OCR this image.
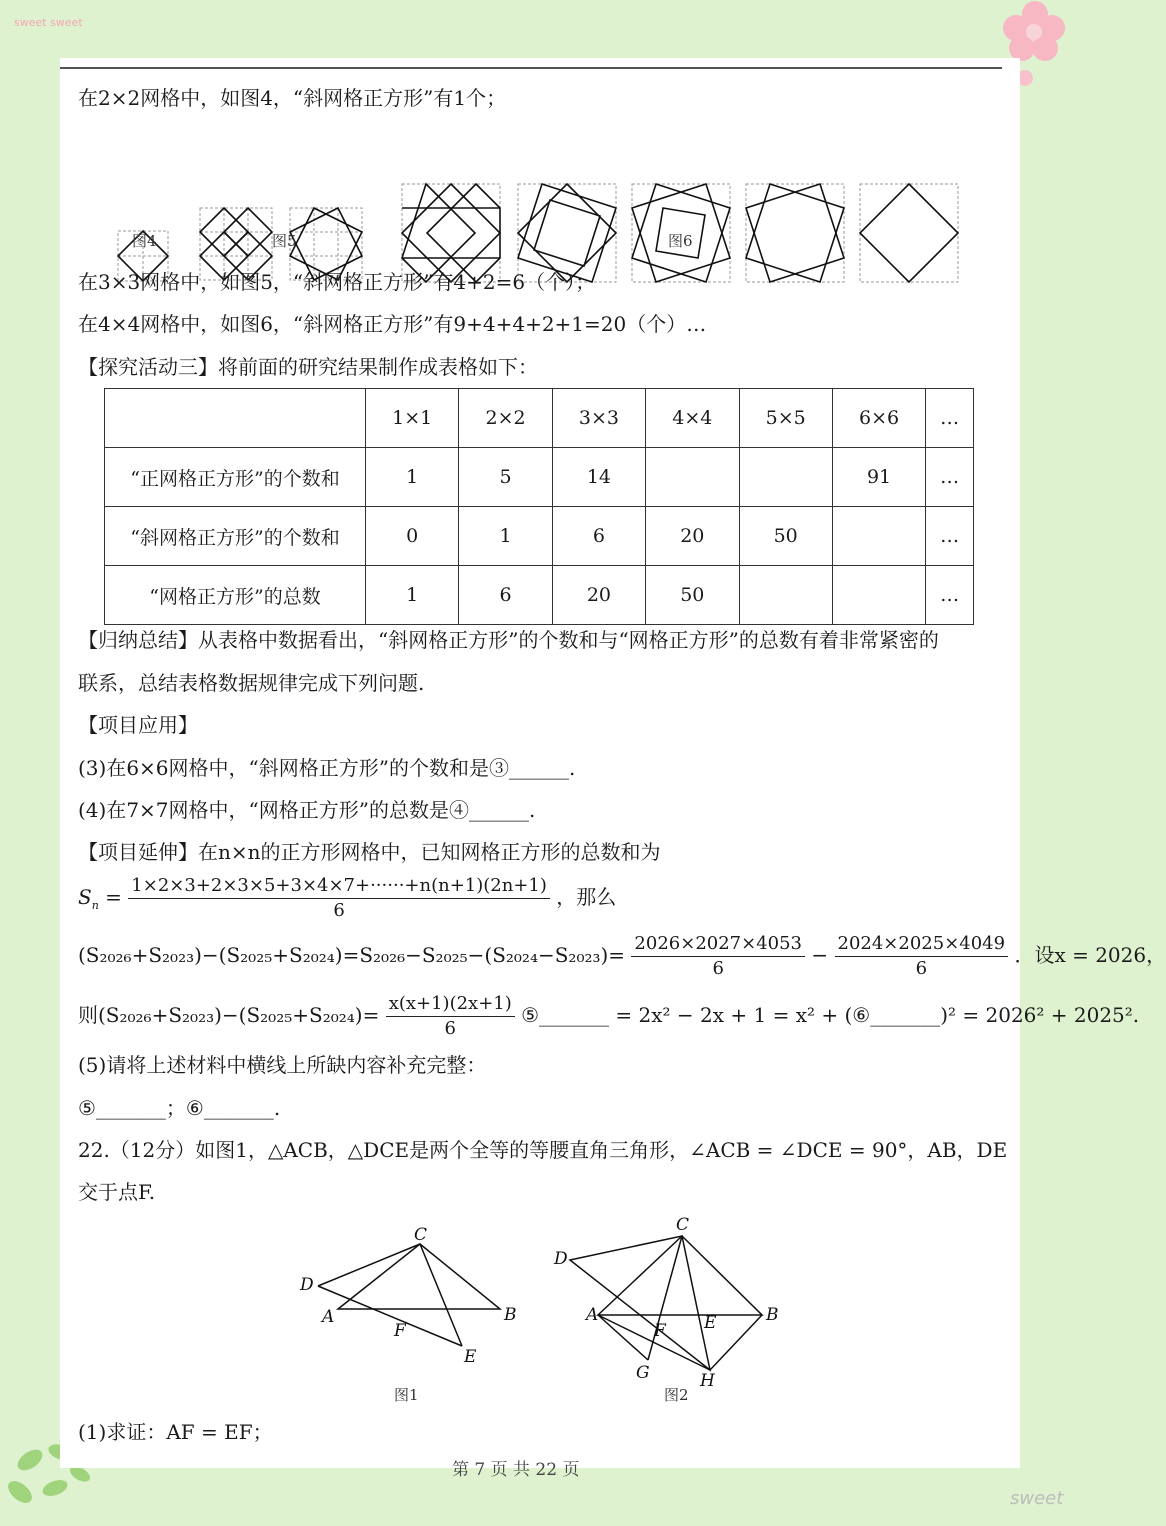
sweet sweet
sweet
在2×2网格中，如图4，“斜网格正方形”有1个；
图4	图5	图6
在3×3网格中，如图5，“斜网格正方形”有4+2=6（个）；
在4×4网格中，如图6，“斜网格正方形”有9+4+4+2+1=20（个）…
【探究活动三】将前面的研究结果制作成表格如下：
	1×1	2×2	3×3	4×4	5×5	6×6	…
“正网格正方形”的个数和	1	5	14			91	…
“斜网格正方形”的个数和	0	1	6	20	50		…
“网格正方形”的总数	1	6	20	50			…
【归纳总结】从表格中数据看出，“斜网格正方形”的个数和与“网格正方形”的总数有着非常紧密的
联系，总结表格数据规律完成下列问题.
【项目应用】
(3)在6×6网格中，“斜网格正方形”的个数和是③______.
(4)在7×7网格中，“网格正方形”的总数是④______.
【项目延伸】在n×n的正方形网格中，已知网格正方形的总数和为
$S_n = \frac{1\times 2\times 3+2\times 3\times 5+3\times 4\times 7+\cdot\cdot\cdot\cdot\cdot\cdot+n(n+1)(2n+1)}{6}$ ，那么
$(S_{2026}+S_{2023})-(S_{2025}+S_{2024})=S_{2026}-S_{2025}-(S_{2024}-S_{2023})= \frac{2026\times 2027\times 4053}{6} - \frac{2024\times 2025\times 4049}{6}$ ．设x = 2026，
则$(S_{2026}+S_{2023})-(S_{2025}+S_{2024})= \frac{x(x+1)(2x+1)}{6}$ ⑤_______ = 2x² − 2x + 1 = x² + (⑥_______)² = 2026² + 2025².
(5)请将上述材料中横线上所缺内容补充完整：
⑤_______；⑥_______.
22.（12分）如图1，△ACB，△DCE是两个全等的等腰直角三角形，∠ACB = ∠DCE = 90°，AB，DE
交于点F.
C
D
A
F
B
E
图1
C
D
A
F E	B
G	H
图2
(1)求证：AF = EF；
第 7 页 共 22 页
